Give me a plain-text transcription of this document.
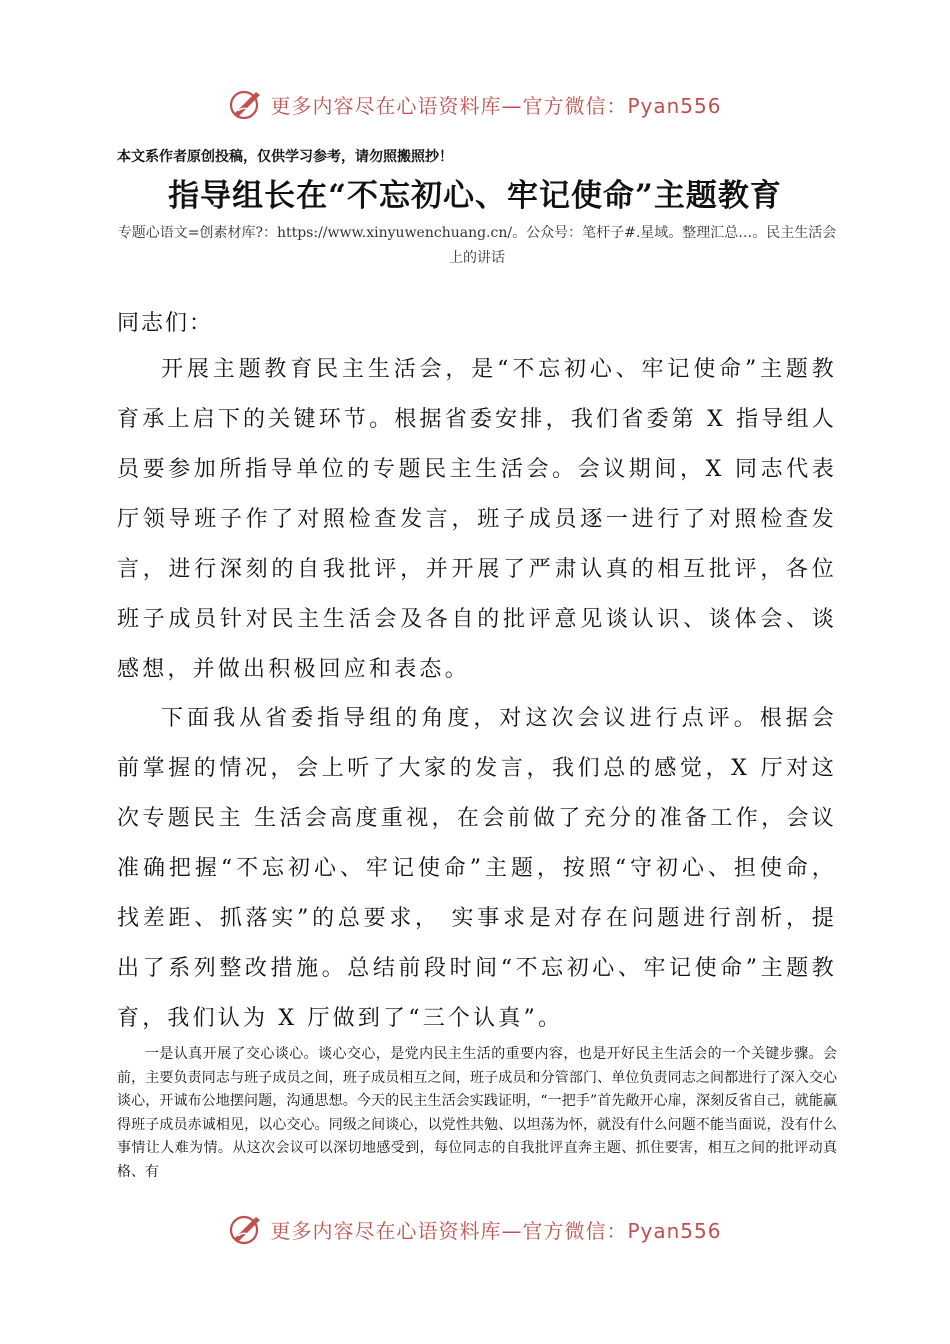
更多内容尽在心语资料库—官方微信：Pyan556
本文系作者原创投稿，仅供学习参考，请勿照搬照抄！
指导组长在“不忘初心、牢记使命”主题教育
专题心语文=创素材库?：https://www.xinyuwenchuang.cn/。公众号：笔杆子#.星域。整理汇总…。民主生活会上的讲话
同志们：

开展主题教育民主生活会，是“不忘初心、牢记使命”主题教育承上启下的关键环节。根据省委安排，我们省委第 X 指导组人员要参加所指导单位的专题民主生活会。会议期间，X 同志代表厅领导班子作了对照检查发言，班子成员逐一进行了对照检查发言，进行深刻的自我批评，并开展了严肃认真的相互批评，各位班子成员针对民主生活会及各自的批评意见谈认识、谈体会、谈感想，并做出积极回应和表态。

下面我从省委指导组的角度，对这次会议进行点评。根据会前掌握的情况，会上听了大家的发言，我们总的感觉，X 厅对这次专题民主 生活会高度重视，在会前做了充分的准备工作，会议准确把握“不忘初心、牢记使命”主题，按照“守初心、担使命，找差距、抓落实”的总要求， 实事求是对存在问题进行剖析，提出了系列整改措施。总结前段时间“不忘初心、牢记使命”主题教育，我们认为 X 厅做到了“三个认真”。

一是认真开展了交心谈心。谈心交心，是党内民主生活的重要内容，也是开好民主生活会的一个关键步骤。会前，主要负责同志与班子成员之间，班子成员相互之间，班子成员和分管部门、单位负责同志之间都进行了深入交心谈心，开诚布公地摆问题，沟通思想。今天的民主生活会实践证明，“一把手”首先敞开心扉，深刻反省自己，就能赢得班子成员赤诚相见，以心交心。同级之间谈心，以党性共勉、以坦荡为怀，就没有什么问题不能当面说，没有什么事情让人难为情。从这次会议可以深切地感受到，每位同志的自我批评直奔主题、抓住要害，相互之间的批评动真格、有

更多内容尽在心语资料库—官方微信：Pyan556
